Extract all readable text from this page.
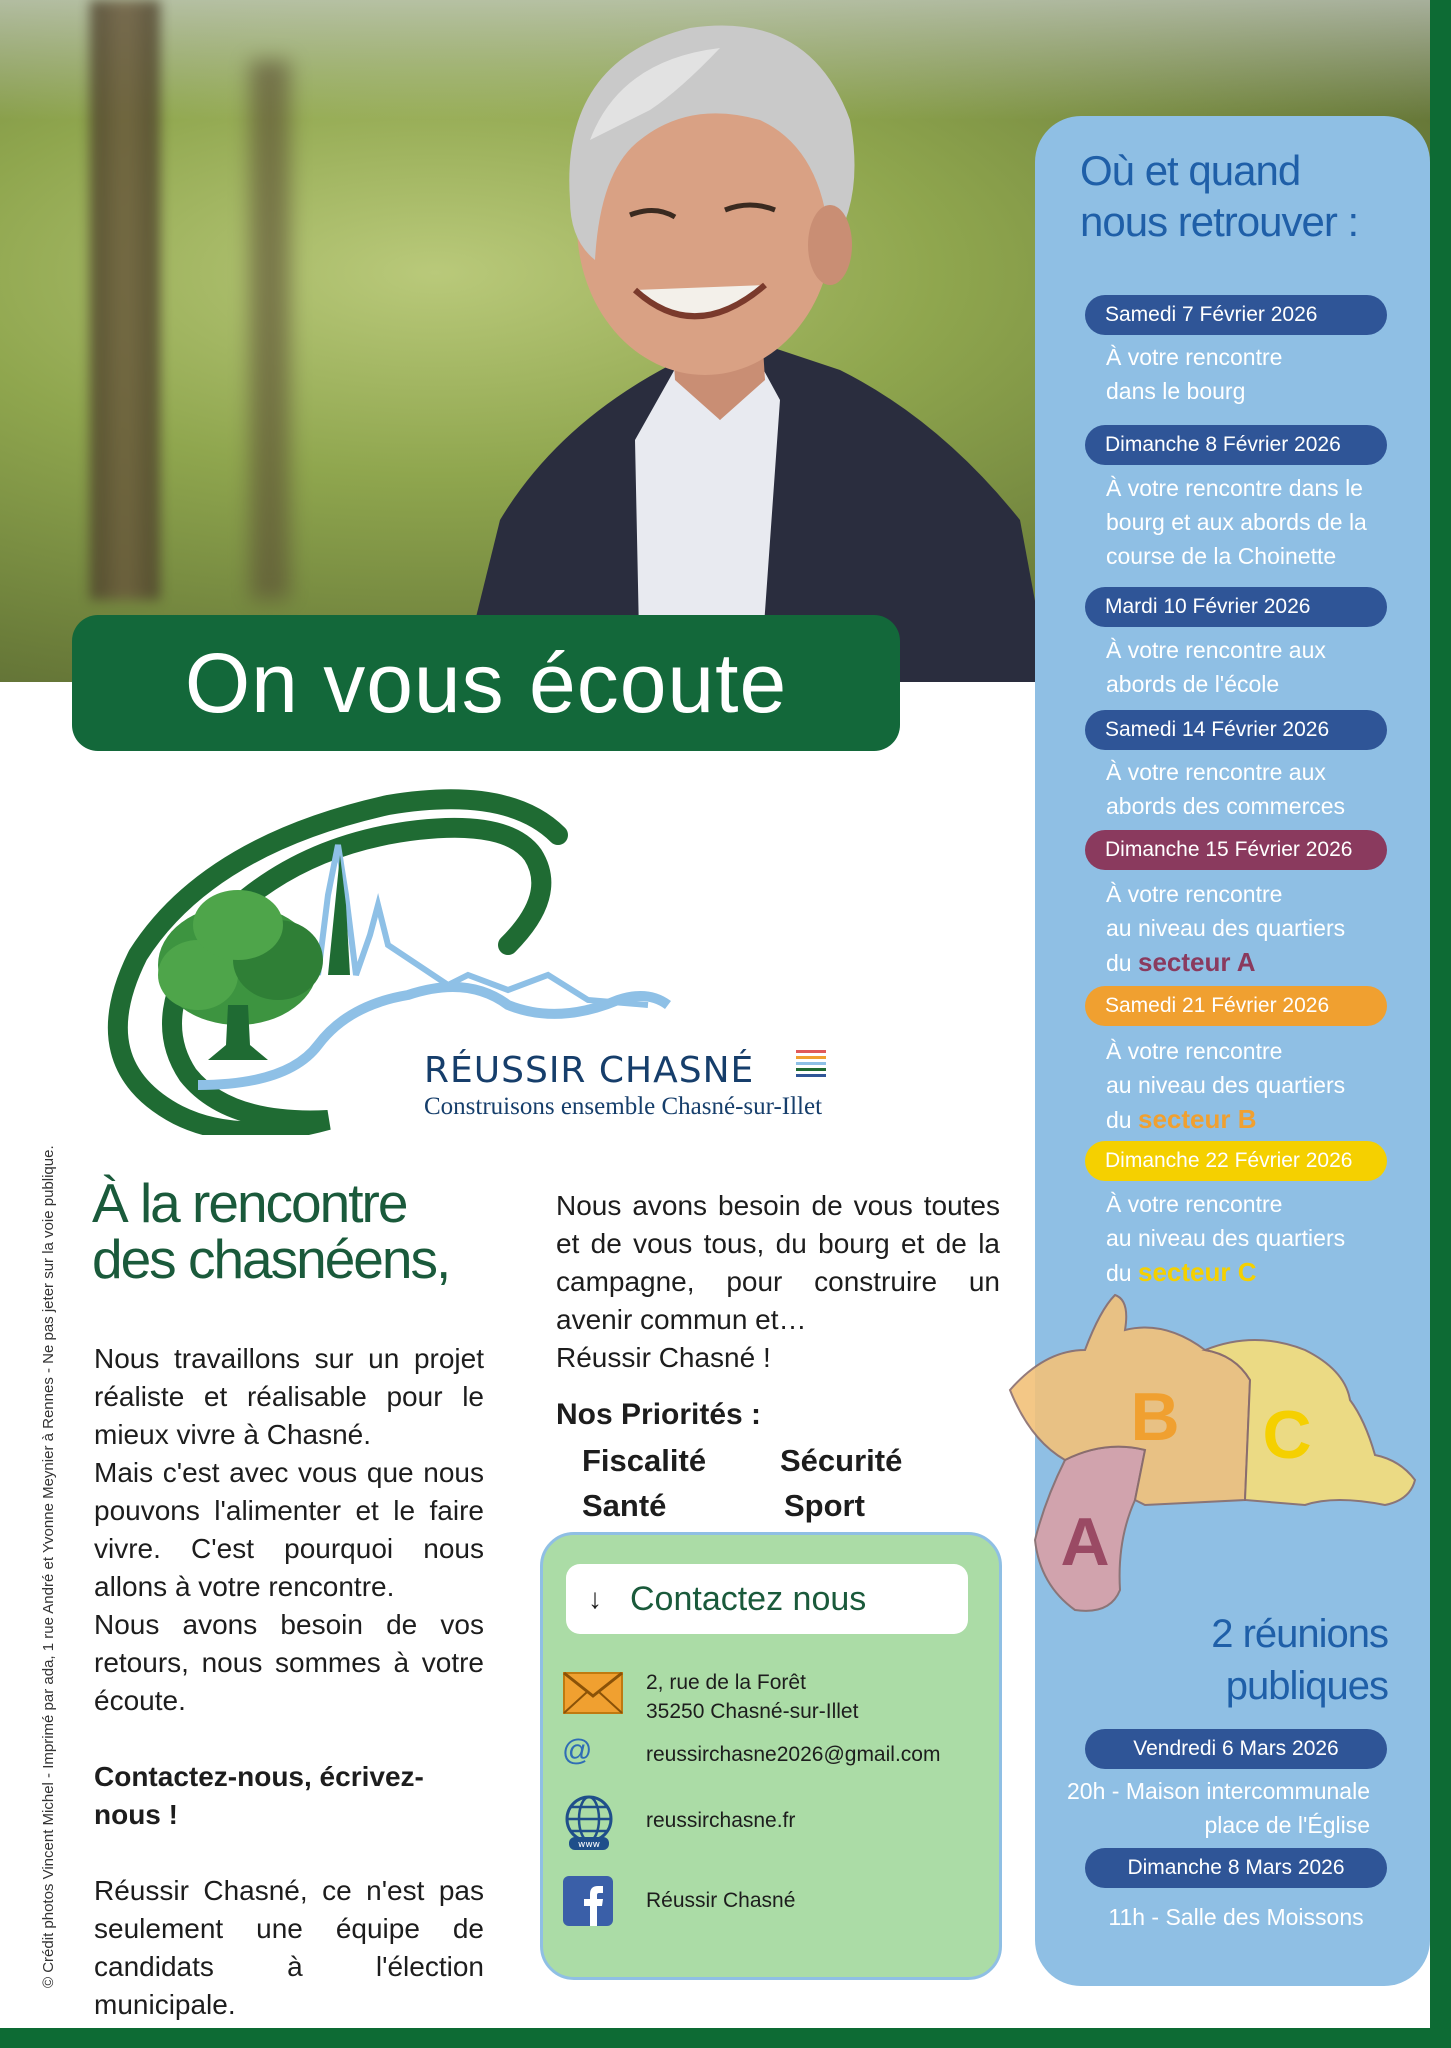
On vous écoute
RÉUSSIR CHASNÉ
Construisons ensemble Chasné-sur-Illet
À la rencontre
des chasnéens,

Nous travaillons sur un projet réaliste et réalisable pour le mieux vivre à Chasné.

Mais c'est avec vous que nous pouvons l'alimenter et le faire vivre. C'est pourquoi nous allons à votre rencontre.

Nous avons besoin de vos retours, nous sommes à votre écoute.

Contactez-nous, écrivez-nous !

Réussir Chasné, ce n'est pas seulement une équipe de candidats à l'élection municipale.

Nous avons besoin de vous toutes et de vous tous, du bourg et de la campagne, pour construire un avenir commun et…
Réussir Chasné !
Nos Priorités :
Fiscalité Sécurité
Santé	Sport
↓ Contactez nous
2, rue de la Forêt
35250 Chasné-sur-Illet
@	reussirchasne2026@gmail.com
www
reussirchasne.fr
Réussir Chasné
Où et quand
nous retrouver :
Samedi 7 Février 2026
À votre rencontre
dans le bourg
Dimanche 8 Février 2026
À votre rencontre dans le
bourg et aux abords de la
course de la Choinette
Mardi 10 Février 2026
À votre rencontre aux
abords de l'école
Samedi 14 Février 2026
À votre rencontre aux
abords des commerces
Dimanche 15 Février 2026
À votre rencontre
au niveau des quartiers
du secteur A
Samedi 21 Février 2026
À votre rencontre
au niveau des quartiers
du secteur B
Dimanche 22 Février 2026
À votre rencontre
au niveau des quartiers
du secteur C
B C
A
2 réunions
publiques
Vendredi 6 Mars 2026
20h - Maison intercommunale
place de l'Église
Dimanche 8 Mars 2026
11h - Salle des Moissons
© Crédit photos Vincent Michel - Imprimé par ada, 1 rue André et Yvonne Meynier à Rennes - Ne pas jeter sur la voie publique.
